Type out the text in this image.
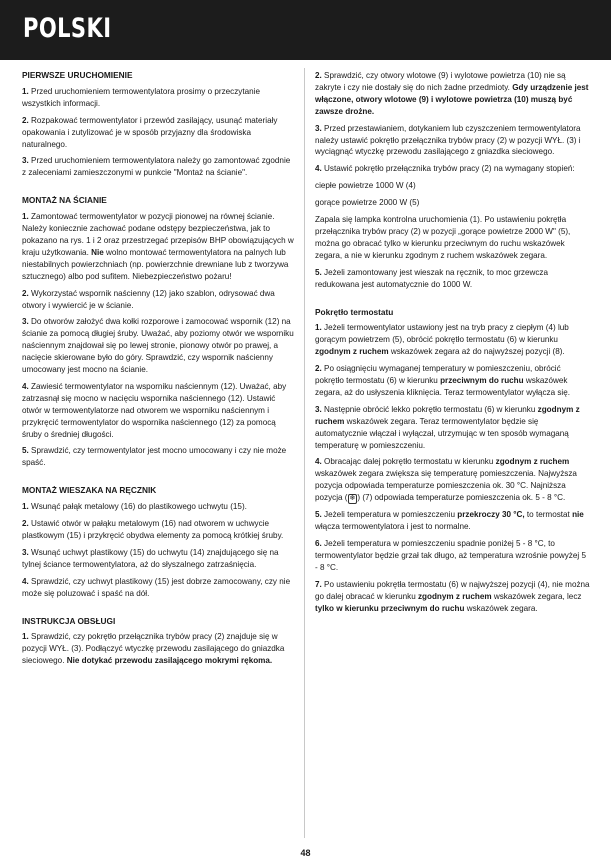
POLSKI
PIERWSZE URUCHOMIENIE
1. Przed uruchomieniem termowentylatora prosimy o przeczytanie wszystkich informacji.
2. Rozpakować termowentylator i przewód zasilający, usunąć materiały opakowania i zutylizować je w sposób przyjazny dla środowiska naturalnego.
3. Przed uruchomieniem termowentylatora należy go zamontować zgodnie z zaleceniami zamieszczonymi w punkcie "Montaż na ścianie".
MONTAŻ NA ŚCIANIE
1. Zamontować termowentylator w pozycji pionowej na równej ścianie. Należy koniecznie zachować podane odstępy bezpieczeństwa, jak to pokazano na rys. 1 i 2 oraz przestrzegać przepisów BHP obowiązujących w kraju użytkowania. Nie wolno montować termowentylatora na palnych lub niestabilnych powierzchniach (np. powierzchnie drewniane lub z tworzywa sztucznego) albo pod sufitem. Niebezpieczeństwo pożaru!
2. Wykorzystać wspornik naścienny (12) jako szablon, odrysować dwa otwory i wywiercić je w ścianie.
3. Do otworów założyć dwa kołki rozporowe i zamocować wspornik (12) na ścianie za pomocą długiej śruby. Uważać, aby poziomy otwór we wsporniku naściennym znajdował się po lewej stronie, pionowy otwór po prawej, a nacięcie skierowane było do góry. Sprawdzić, czy wspornik naścienny umocowany jest mocno na ścianie.
4. Zawiesić termowentylator na wsporniku naściennym (12). Uważać, aby zatrzasnął się mocno w nacięciu wspornika naściennego (12). Ustawić otwór w termowentylatorze nad otworem we wsporniku naściennym i przykręcić termowentylator do wspornika naściennego (12) za pomocą śruby o średniej długości.
5. Sprawdzić, czy termowentylator jest mocno umocowany i czy nie może spaść.
MONTAŻ WIESZAKA NA RĘCZNIK
1. Wsunąć pałąk metalowy (16) do plastikowego uchwytu (15).
2. Ustawić otwór w pałąku metalowym (16) nad otworem w uchwycie plastkowym (15) i przykręcić obydwa elementy za pomocą krótkiej śruby.
3. Wsunąć uchwyt plastikowy (15) do uchwytu (14) znajdującego się na tylnej ściance termowentylatora, aż do słyszalnego zatrzaśnięcia.
4. Sprawdzić, czy uchwyt plastikowy (15) jest dobrze zamocowany, czy nie może się poluzować i spaść na dół.
INSTRUKCJA OBSŁUGI
1. Sprawdzić, czy pokrętło przełącznika trybów pracy (2) znajduje się w pozycji WYŁ. (3). Podłączyć wtyczkę przewodu zasilającego do gniazdka sieciowego. Nie dotykać przewodu zasilającego mokrymi rękoma.
2. Sprawdzić, czy otwory wlotowe (9) i wylotowe powietrza (10) nie są zakryte i czy nie dostały się do nich żadne przedmioty. Gdy urządzenie jest włączone, otwory wlotowe (9) i wylotowe powietrza (10) muszą być zawsze drożne.
3. Przed przestawianiem, dotykaniem lub czyszczeniem termowentylatora należy ustawić pokrętło przełącznika trybów pracy (2) w pozycji WYŁ. (3) i wyciągnąć wtyczkę przewodu zasilającego z gniazdka sieciowego.
4. Ustawić pokrętło przełącznika trybów pracy (2) na wymagany stopień:
ciepłe powietrze 1000 W (4)
gorące powietrze 2000 W (5)
Zapala się lampka kontrolna uruchomienia (1). Po ustawieniu pokrętła przełącznika trybów pracy (2) w pozycji „gorące powietrze 2000 W" (5), można go obracać tylko w kierunku przeciwnym do ruchu wskazówek zegara, a nie w kierunku zgodnym z ruchem wskazówek zegara.
5. Jeżeli zamontowany jest wieszak na ręcznik, to moc grzewcza redukowana jest automatycznie do 1000 W.
Pokrętło termostatu
1. Jeżeli termowentylator ustawiony jest na tryb pracy z ciepłym (4) lub gorącym powietrzem (5), obrócić pokrętło termostatu (6) w kierunku zgodnym z ruchem wskazówek zegara aż do najwyższej pozycji (8).
2. Po osiągnięciu wymaganej temperatury w pomieszczeniu, obrócić pokrętło termostatu (6) w kierunku przeciwnym do ruchu wskazówek zegara, aż do usłyszenia kliknięcia. Teraz termowentylator wyłącza się.
3. Następnie obrócić lekko pokrętło termostatu (6) w kierunku zgodnym z ruchem wskazówek zegara. Teraz termowentylator będzie się automatycznie włączał i wyłączał, utrzymując w ten sposób wymaganą temperaturę w pomieszczeniu.
4. Obracając dalej pokrętło termostatu w kierunku zgodnym z ruchem wskazówek zegara zwiększa się temperaturę pomieszczenia. Najwyższa pozycja odpowiada temperaturze pomieszczenia ok. 30 °C. Najniższa pozycja ( ❄ ) (7) odpowiada temperaturze pomieszczenia ok. 5 - 8 °C.
5. Jeżeli temperatura w pomieszczeniu przekroczy 30 °C, to termostat nie włącza termowentylatora i jest to normalne.
6. Jeżeli temperatura w pomieszczeniu spadnie poniżej 5 - 8 °C, to termowentylator będzie grzał tak długo, aż temperatura wzrośnie powyżej 5 - 8 °C.
7. Po ustawieniu pokrętła termostatu (6) w najwyższej pozycji (4), nie można go dalej obracać w kierunku zgodnym z ruchem wskazówek zegara, lecz tylko w kierunku przeciwnym do ruchu wskazówek zegara.
48
